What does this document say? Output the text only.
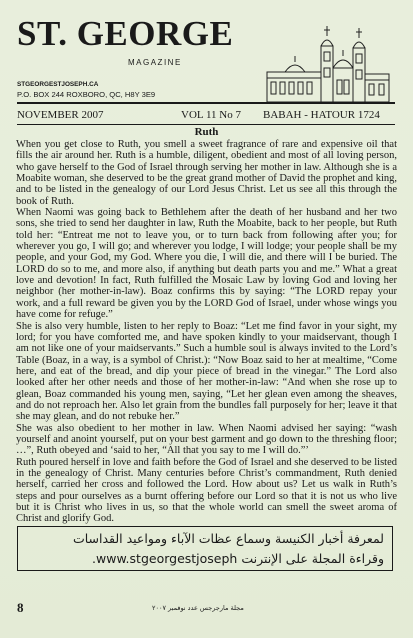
ST. GEORGE
MAGAZINE
STGEORGESTJOSEPH.CA
P.O. BOX 244 ROXBORO, QC, H8Y 3E9
NOVEMBER 2007	VOL 11 No 7 BABAH - HATOUR 1724
Ruth

When you get close to Ruth, you smell a sweet fragrance of rare and expensive oil that fills the air around her. Ruth is a humble, diligent, obedient and most of all loving person, who gave herself to the God of Israel through serving her mother in law. Although she is a Moabite woman, she deserved to be the great grand mother of David the prophet and king, and to be listed in the genealogy of our Lord Jesus Christ. Let us see all this through the book of Ruth.

When Naomi was going back to Bethlehem after the death of her husband and her two sons, she tried to send her daughter in law, Ruth the Moabite, back to her people, but Ruth told her: “Entreat me not to leave you, or to turn back from following after you; for wherever you go, I will go; and wherever you lodge, I will lodge; your people shall be my people, and your God, my God. Where you die, I will die, and there will I be buried. The LORD do so to me, and more also, if anything but death parts you and me.” What a great love and devotion! In fact, Ruth fulfilled the Mosaic Law by loving God and loving her neighbor (her mother-in-law). Boaz confirms this by saying: “The LORD repay your work, and a full reward be given you by the LORD God of Israel, under whose wings you have come for refuge.”

She is also very humble, listen to her reply to Boaz: “Let me find favor in your sight, my lord; for you have comforted me, and have spoken kindly to your maidservant, though I am not like one of your maidservants.” Such a humble soul is always invited to the Lord’s Table (Boaz, in a way, is a symbol of Christ.): “Now Boaz said to her at mealtime, “Come here, and eat of the bread, and dip your piece of bread in the vinegar.” The Lord also looked after her other needs and those of her mother-in-law: “And when she rose up to glean, Boaz commanded his young men, saying, “Let her glean even among the sheaves, and do not reproach her. Also let grain from the bundles fall purposely for her; leave it that she may glean, and do not rebuke her.”

She was also obedient to her mother in law. When Naomi advised her saying: “wash yourself and anoint yourself, put on your best garment and go down to the threshing floor; …”, Ruth obeyed and ‘said to her, “All that you say to me I will do.”’

Ruth poured herself in love and faith before the God of Israel and she deserved to be listed in the genealogy of Christ. Many centuries before Christ’s commandment, Ruth denied herself, carried her cross and followed the Lord. How about us? Let us walk in Ruth’s steps and pour ourselves as a burnt offering before our Lord so that it is not us who live but it is Christ who lives in us, so that the whole world can smell the sweet aroma of Christ and glorify God.

لمعرفة أخبار الكنيسة وسماع عظات الآباء ومواعيد القداسات
وقراءة المجلة على الإنترنت www.stgeorgestjoseph.
8	مجلة مارجرجس عدد نوفمبر ٢٠٠٧
